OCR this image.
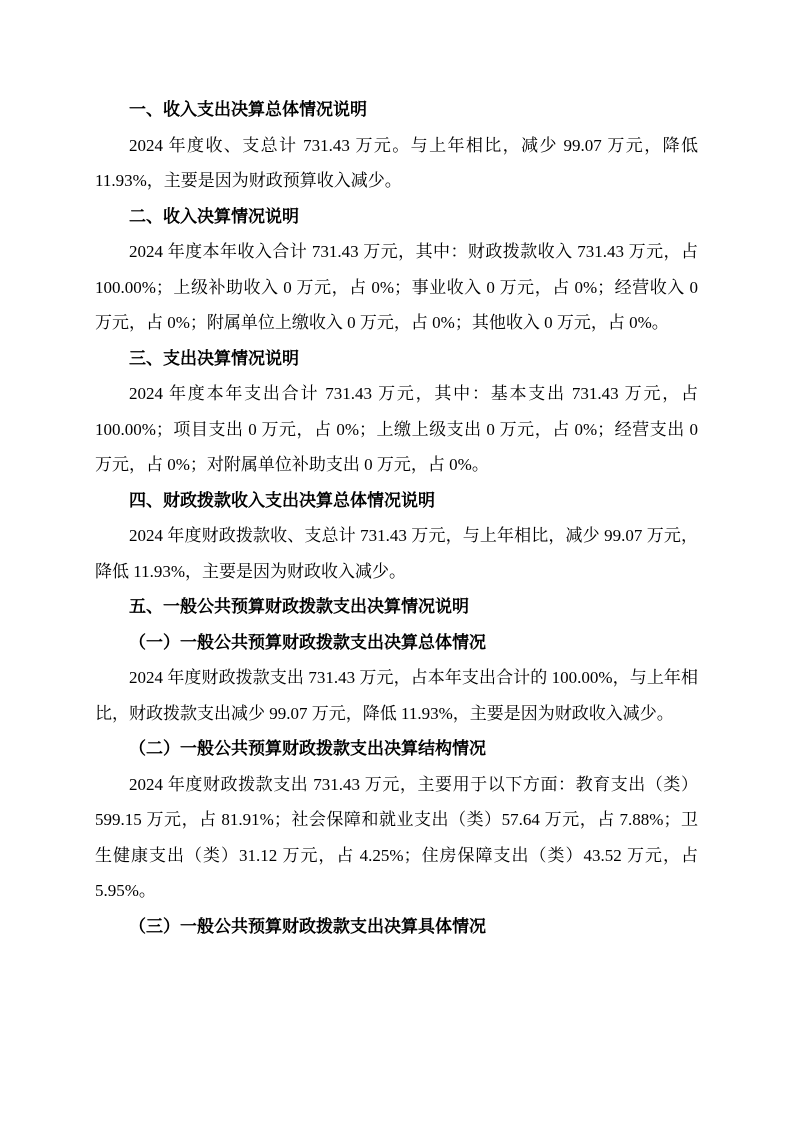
一、收入支出决算总体情况说明

2024 年度收、支总计 731.43 万元。与上年相比，减少 99.07 万元，降低 11.93%，主要是因为财政预算收入减少。

二、收入决算情况说明

2024 年度本年收入合计 731.43 万元，其中：财政拨款收入 731.43 万元，占 100.00%；上级补助收入 0 万元，占 0%；事业收入 0 万元，占 0%；经营收入 0 万元，占 0%；附属单位上缴收入 0 万元，占 0%；其他收入 0 万元，占 0%。

三、支出决算情况说明

2024 年度本年支出合计 731.43 万元，其中：基本支出 731.43 万元，占 100.00%；项目支出 0 万元，占 0%；上缴上级支出 0 万元，占 0%；经营支出 0 万元，占 0%；对附属单位补助支出 0 万元，占 0%。

四、财政拨款收入支出决算总体情况说明

2024 年度财政拨款收、支总计 731.43 万元，与上年相比，减少 99.07 万元，降低 11.93%，主要是因为财政收入减少。

五、一般公共预算财政拨款支出决算情况说明
（一）一般公共预算财政拨款支出决算总体情况

2024 年度财政拨款支出 731.43 万元，占本年支出合计的 100.00%，与上年相比，财政拨款支出减少 99.07 万元，降低 11.93%，主要是因为财政收入减少。

（二）一般公共预算财政拨款支出决算结构情况

2024 年度财政拨款支出 731.43 万元，主要用于以下方面：教育支出（类）599.15 万元，占 81.91%；社会保障和就业支出（类）57.64 万元，占 7.88%；卫生健康支出（类）31.12 万元，占 4.25%；住房保障支出（类）43.52 万元，占 5.95%。

（三）一般公共预算财政拨款支出决算具体情况
